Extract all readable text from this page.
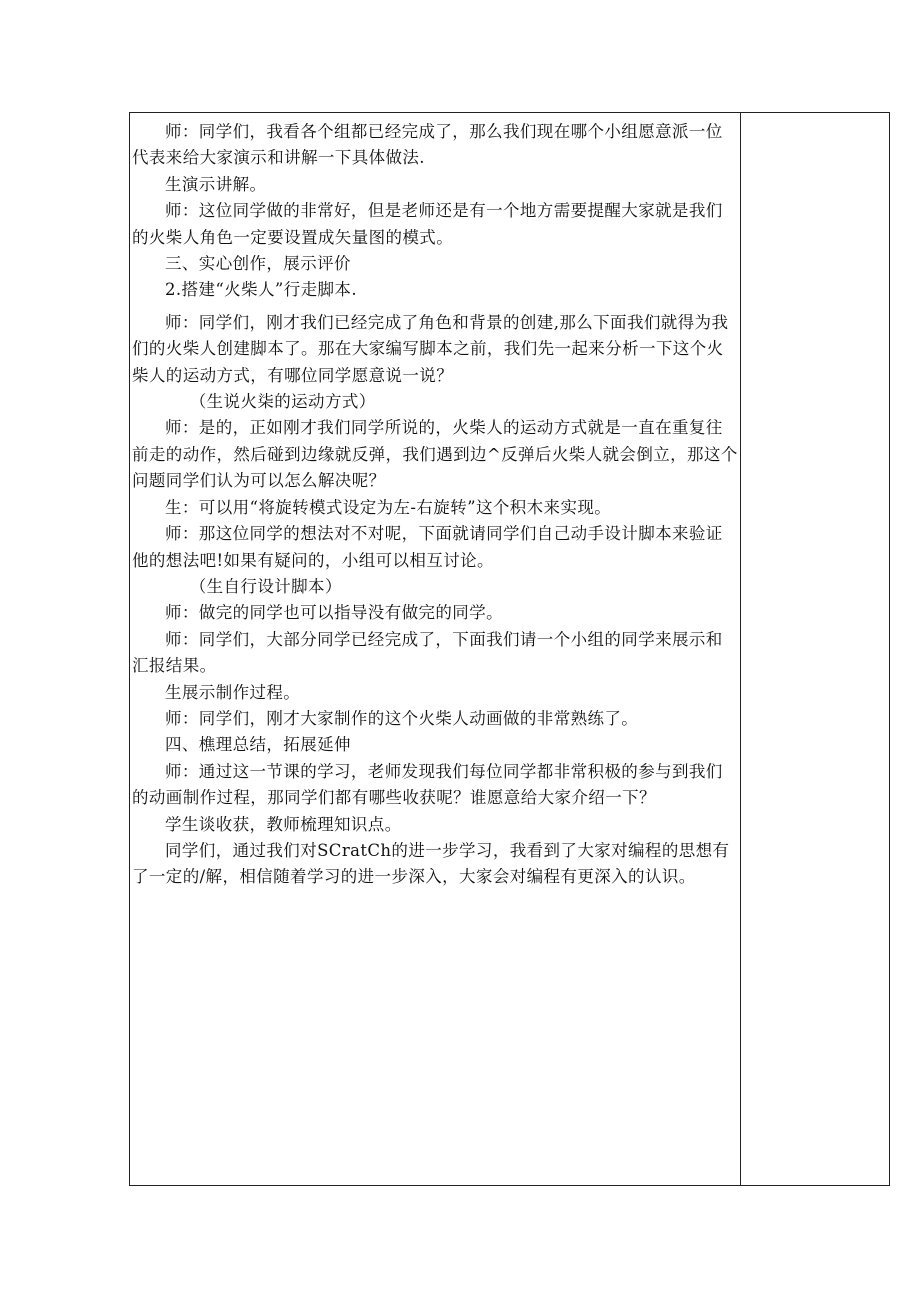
师：同学们，我看各个组都已经完成了，那么我们现在哪个小组愿意派一位代表来给大家演示和讲解一下具体做法.

生演示讲解。

师：这位同学做的非常好，但是老师还是有一个地方需要提醒大家就是我们的火柴人角色一定要设置成矢量图的模式。

三、实心创作，展示评价

2.搭建“火柴人”行走脚本.

师：同学们，刚才我们已经完成了角色和背景的创建,那么下面我们就得为我们的火柴人创建脚本了。那在大家编写脚本之前，我们先一起来分析一下这个火柴人的运动方式，有哪位同学愿意说一说？

（生说火柒的运动方式）

师：是的，正如刚才我们同学所说的，火柴人的运动方式就是一直在重复往前走的动作，然后碰到边缘就反弹，我们遇到边^反弹后火柴人就会倒立，那这个问题同学们认为可以怎么解决呢？

生：可以用“将旋转模式设定为左-右旋转”这个积木来实现。

师：那这位同学的想法对不对呢，下面就请同学们自己动手设计脚本来验证他的想法吧!如果有疑问的，小组可以相互讨论。

（生自行设计脚本）

师：做完的同学也可以指导没有做完的同学。

师：同学们，大部分同学已经完成了，下面我们请一个小组的同学来展示和汇报结果。

生展示制作过程。

师：同学们，刚才大家制作的这个火柴人动画做的非常熟练了。

四、樵理总结，拓展延伸

师：通过这一节课的学习，老师发现我们每位同学都非常积极的参与到我们的动画制作过程，那同学们都有哪些收获呢？谁愿意给大家介绍一下？

学生谈收获，教师梳理知识点。

同学们，通过我们对SCratCh的进一步学习，我看到了大家对编程的思想有了一定的/解，相信随着学习的进一步深入，大家会对编程有更深入的认识。
